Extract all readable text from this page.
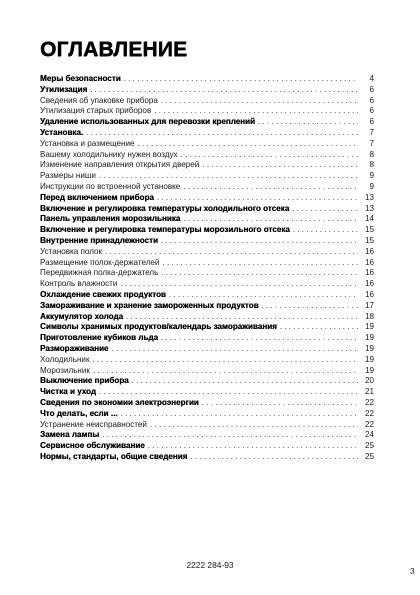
ОГЛАВЛЕНИЕ
Меры безопасности . . .	4
Утилизация . . .	6
Сведения об упаковке прибора . . .	6
Утилизация старых приборов . . .	6
Удаление использованных для перевозки креплений . . .	6
Установка. . . .	7
Установка и размещение . . .	7
Вашему холодильнику нужен воздух . . .	8
Изменение направления открытия дверей . . .	8
Размеры ниши . . .	9
Инструкции по встроенной установке . . .	9
Перед включением прибора . . .	13
Включение и регулировка температуры холодильного отсека . . .	13
Панель управления морозильника . . .	14
Включение и регулировка температуры морозильного отсека . . .	15
Внутренние принадлежности . . .	15
Установка полок . . .	16
Размещение полок-держателей . . .	16
Передвижная полка-держатель . . .	16
Контроль влажности . . .	16
Охлаждение свежих продуктов . . .	16
Замораживание и хранение замороженных продуктов . . .	17
Аккумулятор холода . . .	18
Символы хранимых продуктов/календарь замораживания . . .	19
Приготовление кубиков льда . . .	19
Размораживание . . .	19
Холодильник . . .	19
Морозильник . . .	19
Выключение прибора . . .	20
Чистка и уход . . .	21
Сведения по экономии электроэнергии . . .	22
Что делать, если ... . . .	22
Устранение неисправностей . . .	22
Замена лампы . . .	24
Сервисное обслуживание . . .	25
Нормы, стандарты, общие сведения . . .	25
2222 284-93
3
